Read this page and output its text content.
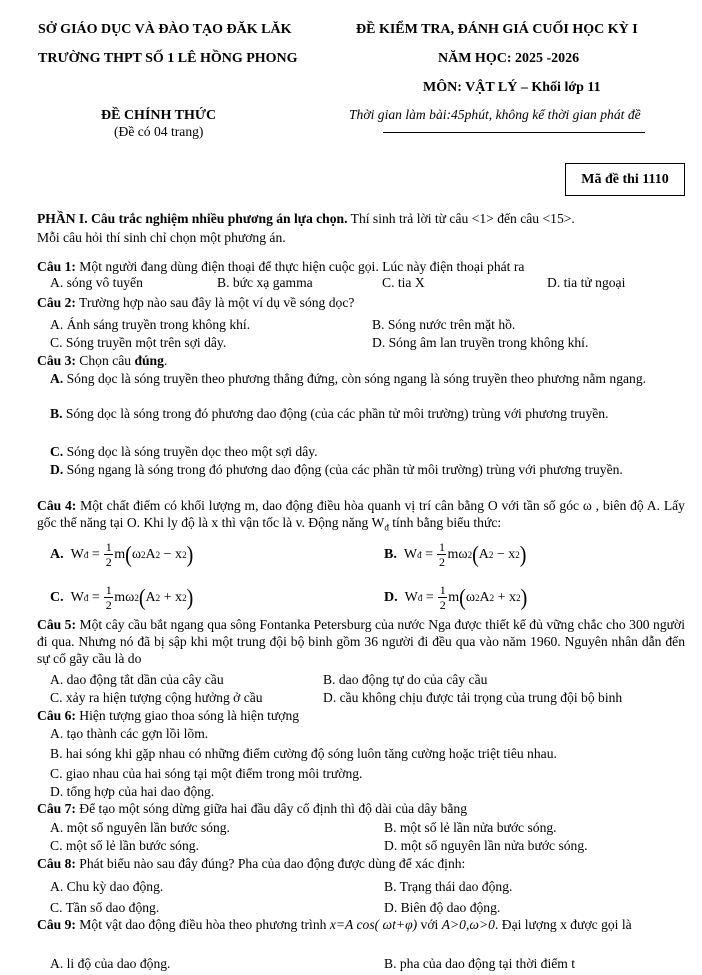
SỞ GIÁO DỤC VÀ ĐÀO TẠO ĐĂK LĂK
TRƯỜNG THPT SỐ 1 LÊ HỒNG PHONG
ĐỀ KIỂM TRA, ĐÁNH GIÁ CUỐI HỌC KỲ I
NĂM HỌC: 2025 -2026
MÔN: VẬT LÝ – Khối lớp 11
ĐỀ CHÍNH THỨC
(Đề có 04 trang)
Thời gian làm bài:45phút, không kể thời gian phát đề
Mã đề thi 1110
PHẦN I. Câu trắc nghiệm nhiều phương án lựa chọn. Thí sinh trả lời từ câu <1> đến câu <15>.
Mỗi câu hỏi thí sinh chỉ chọn một phương án.
Câu 1: Một người đang dùng điện thoại để thực hiện cuộc gọi. Lúc này điện thoại phát ra
A. sóng vô tuyến	B. bức xạ gamma	C. tia X	D. tia tử ngoại
Câu 2: Trường hợp nào sau đây là một ví dụ về sóng dọc?
A. Ánh sáng truyền trong không khí.	B. Sóng nước trên mặt hồ.
C. Sóng truyền một trên sợi dây.	D. Sóng âm lan truyền trong không khí.
Câu 3: Chọn câu đúng.
A. Sóng dọc là sóng truyền theo phương thẳng đứng, còn sóng ngang là sóng truyền theo phương nằm ngang.
B. Sóng dọc là sóng trong đó phương dao động (của các phần tử môi trường) trùng với phương truyền.
C. Sóng dọc là sóng truyền dọc theo một sợi dây.
D. Sóng ngang là sóng trong đó phương dao động (của các phần tử môi trường) trùng với phương truyền.
Câu 4: Một chất điểm có khối lượng m, dao động điều hòa quanh vị trí cân bằng O với tần số góc ω , biên độ A. Lấy gốc thế năng tại O. Khi ly độ là x thì vận tốc là v. Động năng $W_đ$ tính bằng biểu thức:
A. W đ = $\frac{1}{2}$ m ( ω 2 A 2 − x 2 )	B. W đ = $\frac{1}{2}$ mω 2 ( A 2 − x 2 )
C. W đ = $\frac{1}{2}$ mω 2 ( A 2 + x 2 )	D. W đ = $\frac{1}{2}$ m ( ω 2 A 2 + x 2 )
Câu 5: Một cây cầu bắt ngang qua sông Fontanka Petersburg của nước Nga được thiết kế đủ vững chắc cho 300 người đi qua. Nhưng nó đã bị sập khi một trung đội bộ binh gồm 36 người đi đều qua vào năm 1960. Nguyên nhân dẫn đến sự cố gãy cầu là do
A. dao động tắt dần của cây cầu	B. dao động tự do của cây cầu
C. xảy ra hiện tượng cộng hưởng ở cầu	D. cầu không chịu được tải trọng của trung đội bộ binh
Câu 6: Hiện tượng giao thoa sóng là hiện tượng
A. tạo thành các gợn lồi lõm.
B. hai sóng khi gặp nhau có những điểm cường độ sóng luôn tăng cường hoặc triệt tiêu nhau.
C. giao nhau của hai sóng tại một điểm trong môi trường.
D. tổng hợp của hai dao động.
Câu 7: Để tạo một sóng dừng giữa hai đầu dây cố định thì độ dài của dây bằng
A. một số nguyên lần bước sóng.	B. một số lẻ lần nửa bước sóng.
C. một số lẻ lần bước sóng.	D. một số nguyên lần nửa bước sóng.
Câu 8: Phát biểu nào sau đây đúng? Pha của dao động được dùng để xác định:
A. Chu kỳ dao động.	B. Trạng thái dao động.
C. Tần số dao động.	D. Biên độ dao động.
Câu 9: Một vật dao động điều hòa theo phương trình x=A cos( ωt+φ) với A>0,ω>0. Đại lượng x được gọi là
A. li độ của dao động.	B. pha của dao động tại thời điểm t
